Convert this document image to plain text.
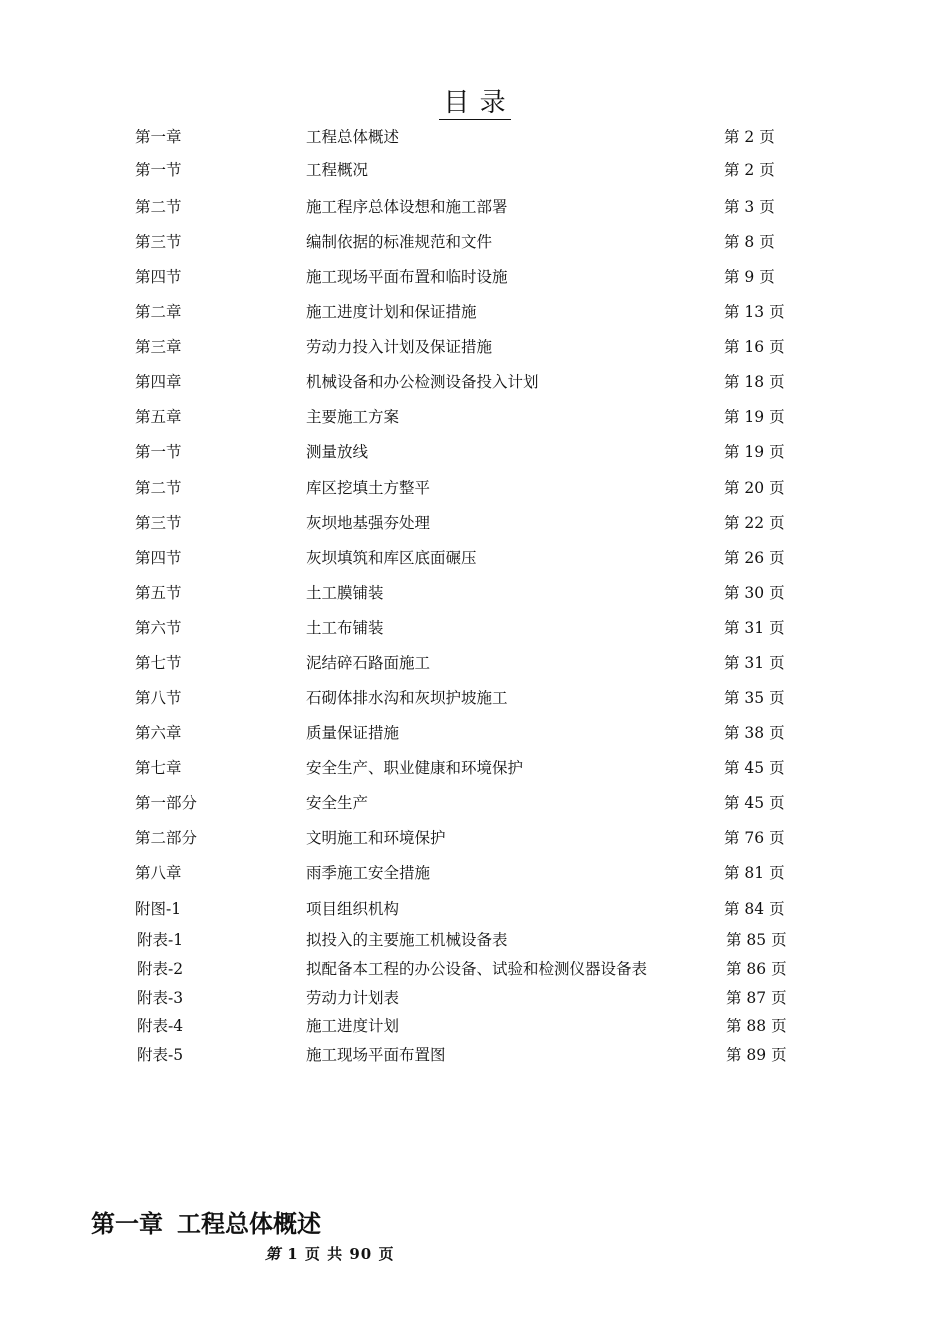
目 录
第一章	工程总体概述	第 2 页
第一节	工程概况	第 2 页
第二节	施工程序总体设想和施工部署	第 3 页
第三节	编制依据的标准规范和文件	第 8 页
第四节	施工现场平面布置和临时设施	第 9 页
第二章	施工进度计划和保证措施	第 13 页
第三章	劳动力投入计划及保证措施	第 16 页
第四章	机械设备和办公检测设备投入计划	第 18 页
第五章	主要施工方案	第 19 页
第一节	测量放线	第 19 页
第二节	库区挖填土方整平	第 20 页
第三节	灰坝地基强夯处理	第 22 页
第四节	灰坝填筑和库区底面碾压	第 26 页
第五节	土工膜铺装	第 30 页
第六节	土工布铺装	第 31 页
第七节	泥结碎石路面施工	第 31 页
第八节	石砌体排水沟和灰坝护坡施工	第 35 页
第六章	质量保证措施	第 38 页
第七章	安全生产、职业健康和环境保护	第 45 页
第一部分	安全生产	第 45 页
第二部分	文明施工和环境保护	第 76 页
第八章	雨季施工安全措施	第 81 页
附图-1	项目组织机构	第 84 页
附表-1	拟投入的主要施工机械设备表	第 85 页
附表-2	拟配备本工程的办公设备、试验和检测仪器设备表	第 86 页
附表-3	劳动力计划表	第 87 页
附表-4	施工进度计划	第 88 页
附表-5	施工现场平面布置图	第 89 页
第一章 工程总体概述
第 1 页 共 90 页
